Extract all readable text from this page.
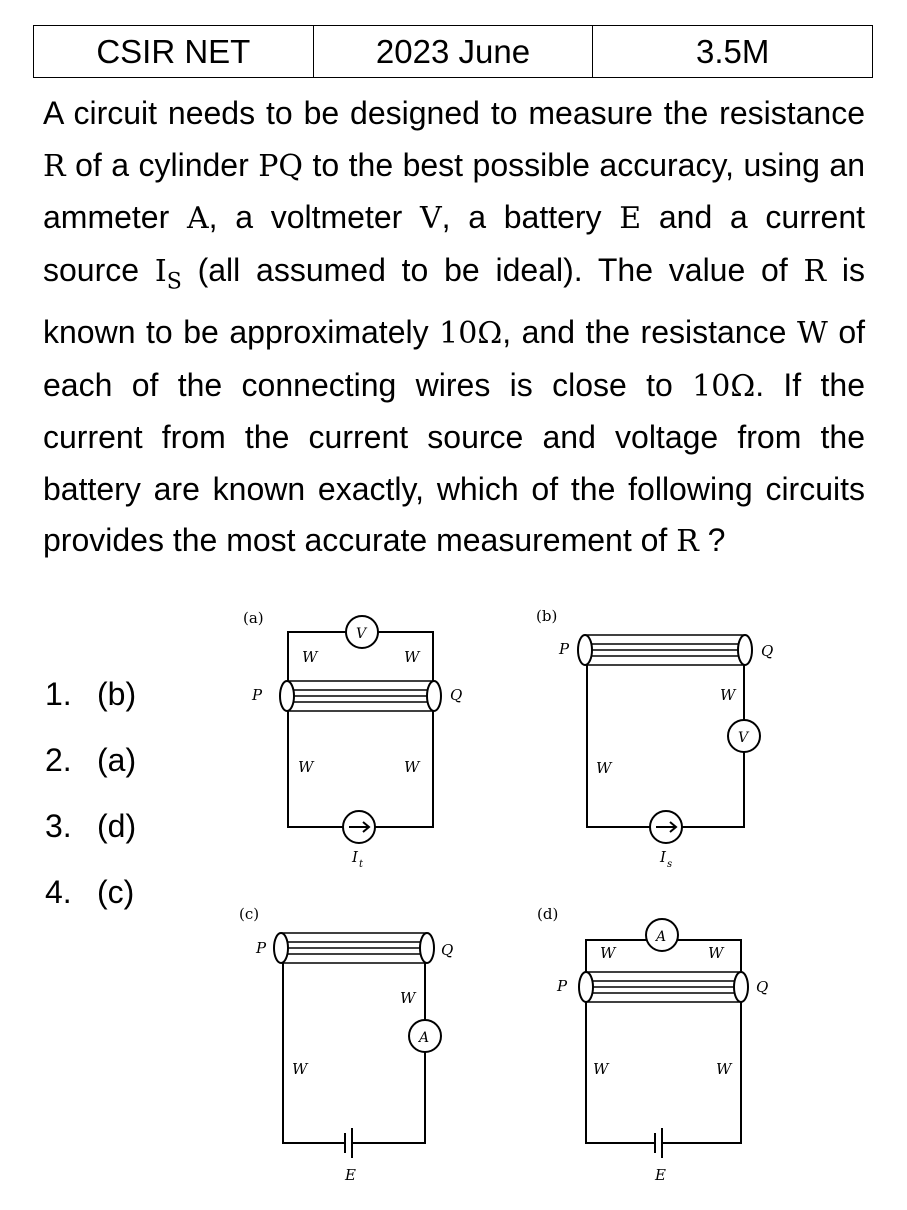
CSIR NET	2023 June	3.5M

A circuit needs to be designed to measure the resistance R of a cylinder PQ to the best possible accuracy, using an ammeter A, a voltmeter V, a battery E and a current source $I_S$ (all assumed to be ideal). The value of R is known to be approximately 10Ω, and the resistance W of each of the connecting wires is close to 10Ω. If the current from the current source and voltage from the battery are known exactly, which of the following circuits provides the most accurate measurement of R ?

1. (b)
2. (a)
3. (d)
4. (c)
(a)
V
P	Q
W	W
W	W
I t
(b)
V
P	Q
W
W
I s
(c)
A
P	Q
W
W
E
(d)
A
P	Q
W	W
W	W
E
